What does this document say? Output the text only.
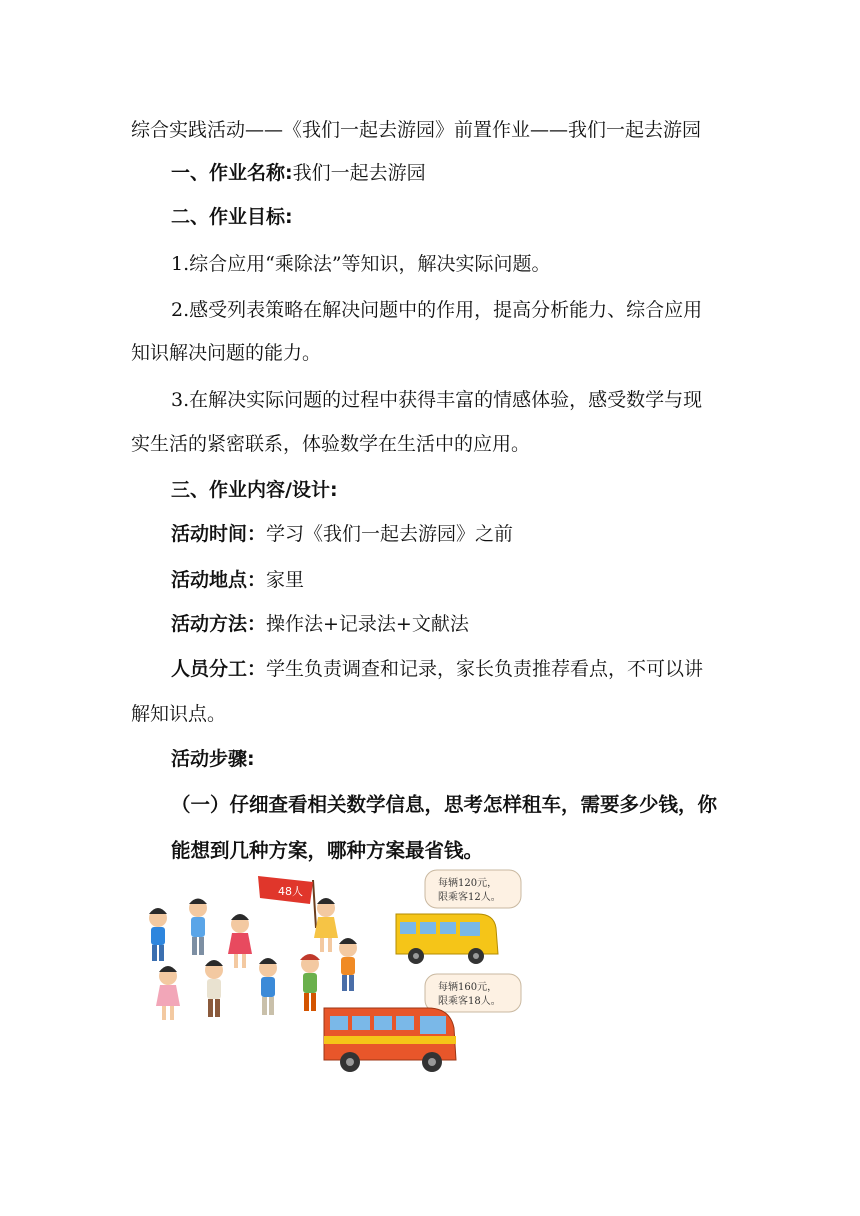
综合实践活动——《我们一起去游园》前置作业——我们一起去游园
一、作业名称:我们一起去游园
二、作业目标:
1.综合应用“乘除法”等知识，解决实际问题。
2.感受列表策略在解决问题中的作用，提高分析能力、综合应用
知识解决问题的能力。
3.在解决实际问题的过程中获得丰富的情感体验，感受数学与现
实生活的紧密联系，体验数学在生活中的应用。
三、作业内容/设计:
活动时间：学习《我们一起去游园》之前
活动地点：家里
活动方法：操作法+记录法+文献法
人员分工：学生负责调查和记录，家长负责推荐看点，不可以讲
解知识点。
活动步骤:
（一）仔细查看相关数学信息，思考怎样租车，需要多少钱，你
能想到几种方案，哪种方案最省钱。
48人
每辆120元，
限乘客12人。
每辆160元，
限乘客18人。
